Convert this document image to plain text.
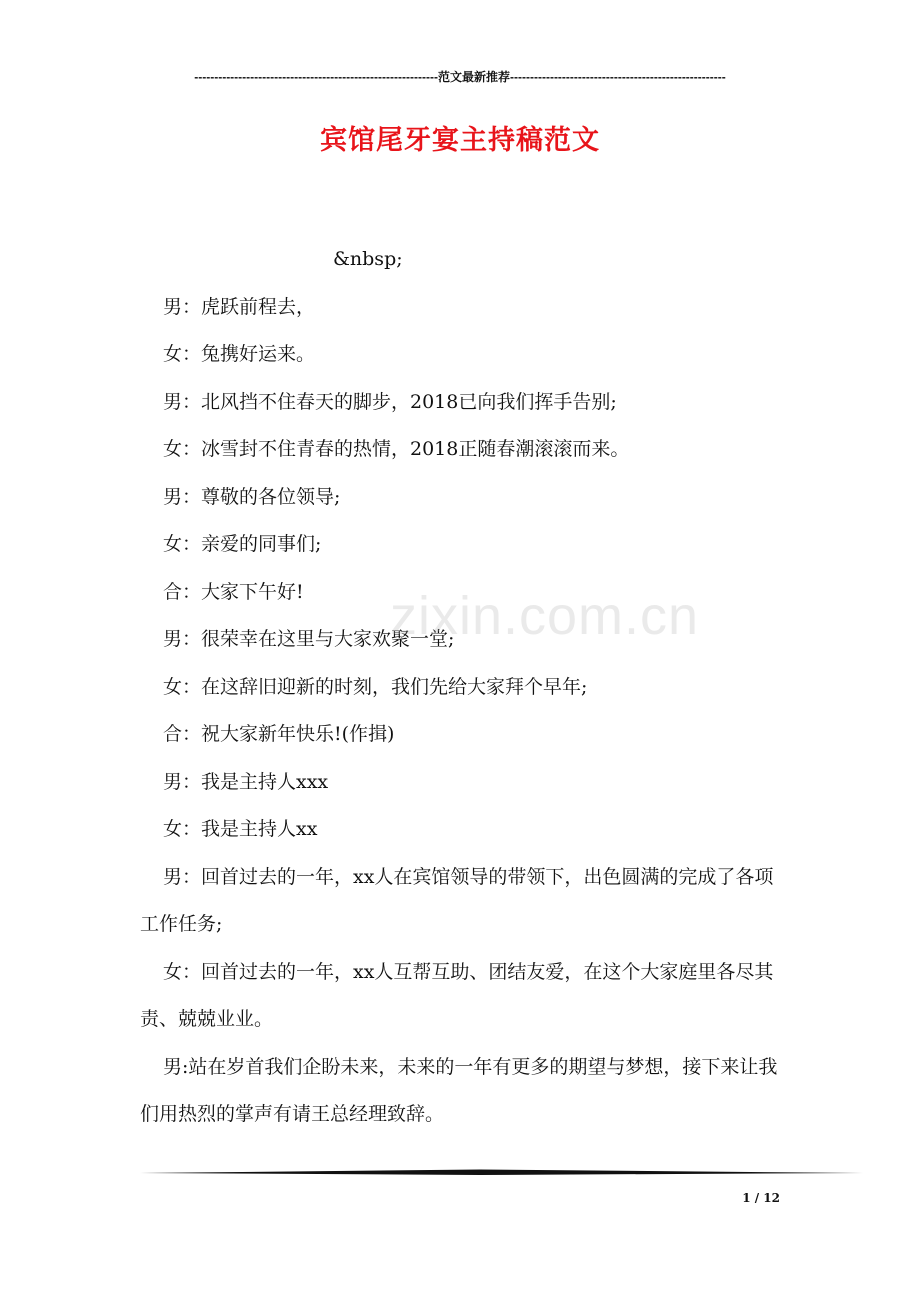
-------------------------------------------------------------范文最新推荐------------------------------------------------------
宾馆尾牙宴主持稿范文

&nbsp;

男：虎跃前程去，

女：兔携好运来。

男：北风挡不住春天的脚步，2018已向我们挥手告别;

女：冰雪封不住青春的热情，2018正随春潮滚滚而来。

男：尊敬的各位领导;

女：亲爱的同事们;

合：大家下午好!

男：很荣幸在这里与大家欢聚一堂;

女：在这辞旧迎新的时刻，我们先给大家拜个早年;

合：祝大家新年快乐!(作揖)

男：我是主持人xxx

女：我是主持人xx

男：回首过去的一年，xx人在宾馆领导的带领下，出色圆满的完成了各项工作任务;

女：回首过去的一年，xx人互帮互助、团结友爱，在这个大家庭里各尽其责、兢兢业业。

男:站在岁首我们企盼未来，未来的一年有更多的期望与梦想，接下来让我们用热烈的掌声有请王总经理致辞。

zixin.com.cn
1 / 12
